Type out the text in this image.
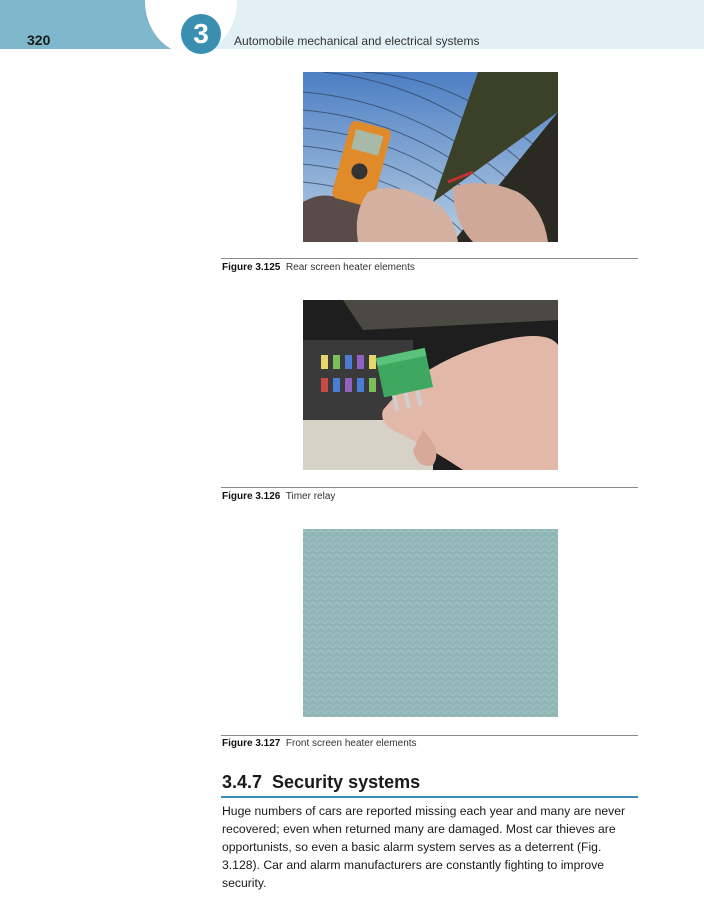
3
320	Automobile mechanical and electrical systems
Figure 3.125 Rear screen heater elements
Figure 3.126 Timer relay
Figure 3.127 Front screen heater elements
3.4.7  Security systems

Huge numbers of cars are reported missing each year and many are never recovered; even when returned many are damaged. Most car thieves are opportunists, so even a basic alarm system serves as a deterrent (Fig. 3.128). Car and alarm manufacturers are constantly fighting to improve security.
